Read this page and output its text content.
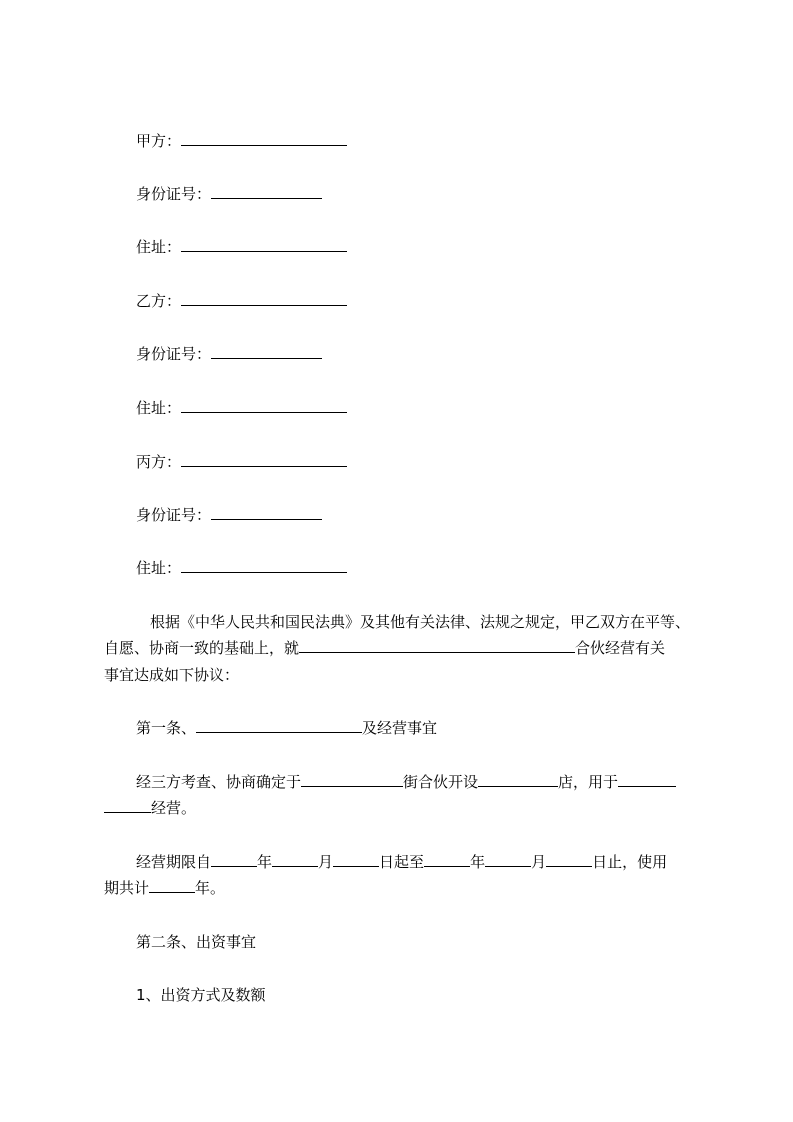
甲方：
身份证号：
住址：
乙方：
身份证号：
住址：
丙方：
身份证号：
住址：
根据《中华人民共和国民法典》及其他有关法律、法规之规定，甲乙双方在平等、
自愿、协商一致的基础上，就	合伙经营有关
事宜达成如下协议：
第一条、	及经营事宜
经三方考查、协商确定于	街合伙开设	店，用于
经营。
经营期限自	年	月	日起至	年	月	日止，使用
期共计	年。
第二条、出资事宜
1、出资方式及数额
